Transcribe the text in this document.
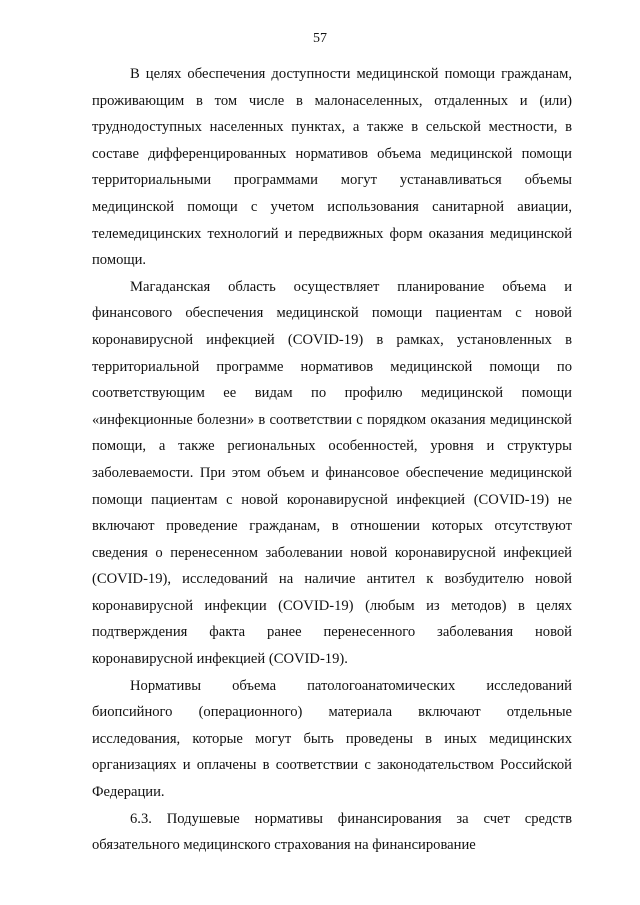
57

В целях обеспечения доступности медицинской помощи гражданам, проживающим в том числе в малонаселенных, отдаленных и (или) труднодоступных населенных пунктах, а также в сельской местности, в составе дифференцированных нормативов объема медицинской помощи территориальными программами могут устанавливаться объемы медицинской помощи с учетом использования санитарной авиации, телемедицинских технологий и передвижных форм оказания медицинской помощи.

Магаданская область осуществляет планирование объема и финансового обеспечения медицинской помощи пациентам с новой коронавирусной инфекцией (COVID-19) в рамках, установленных в территориальной программе нормативов медицинской помощи по соответствующим ее видам по профилю медицинской помощи «инфекционные болезни» в соответствии с порядком оказания медицинской помощи, а также региональных особенностей, уровня и структуры заболеваемости. При этом объем и финансовое обеспечение медицинской помощи пациентам с новой коронавирусной инфекцией (COVID-19) не включают проведение гражданам, в отношении которых отсутствуют сведения о перенесенном заболевании новой коронавирусной инфекцией (COVID-19), исследований на наличие антител к возбудителю новой коронавирусной инфекции (COVID-19) (любым из методов) в целях подтверждения факта ранее перенесенного заболевания новой коронавирусной инфекцией (COVID-19).

Нормативы объема патологоанатомических исследований биопсийного (операционного) материала включают отдельные исследования, которые могут быть проведены в иных медицинских организациях и оплачены в соответствии с законодательством Российской Федерации.

6.3. Подушевые нормативы финансирования за счет средств обязательного медицинского страхования на финансирование
